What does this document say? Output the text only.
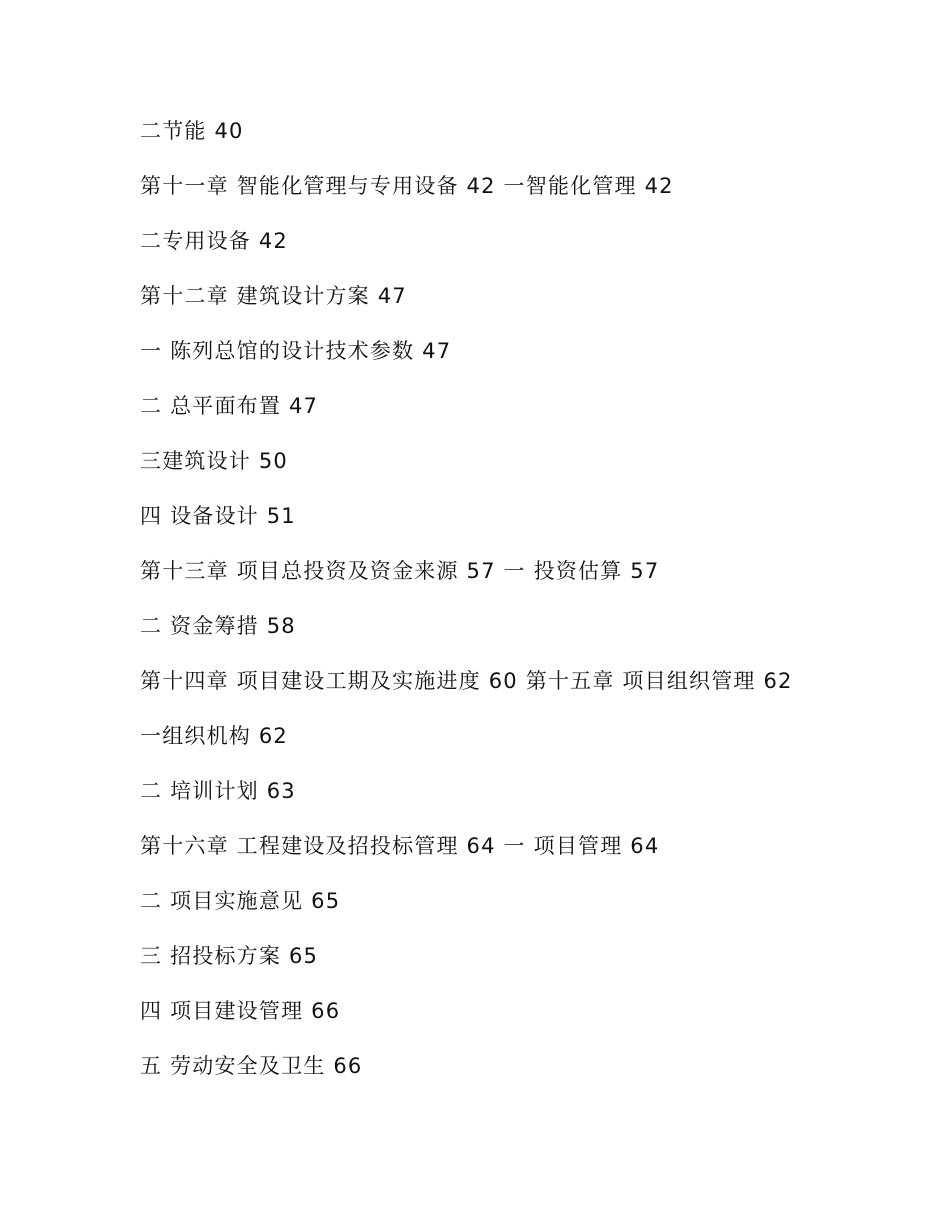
二节能 40
第十一章 智能化管理与专用设备 42 一智能化管理 42
二专用设备 42
第十二章 建筑设计方案 47
一 陈列总馆的设计技术参数 47
二 总平面布置 47
三建筑设计 50
四 设备设计 51
第十三章 项目总投资及资金来源 57 一 投资估算 57
二 资金筹措 58
第十四章 项目建设工期及实施进度 60 第十五章 项目组织管理 62
一组织机构 62
二 培训计划 63
第十六章 工程建设及招投标管理 64 一 项目管理 64
二 项目实施意见 65
三 招投标方案 65
四 项目建设管理 66
五 劳动安全及卫生 66
